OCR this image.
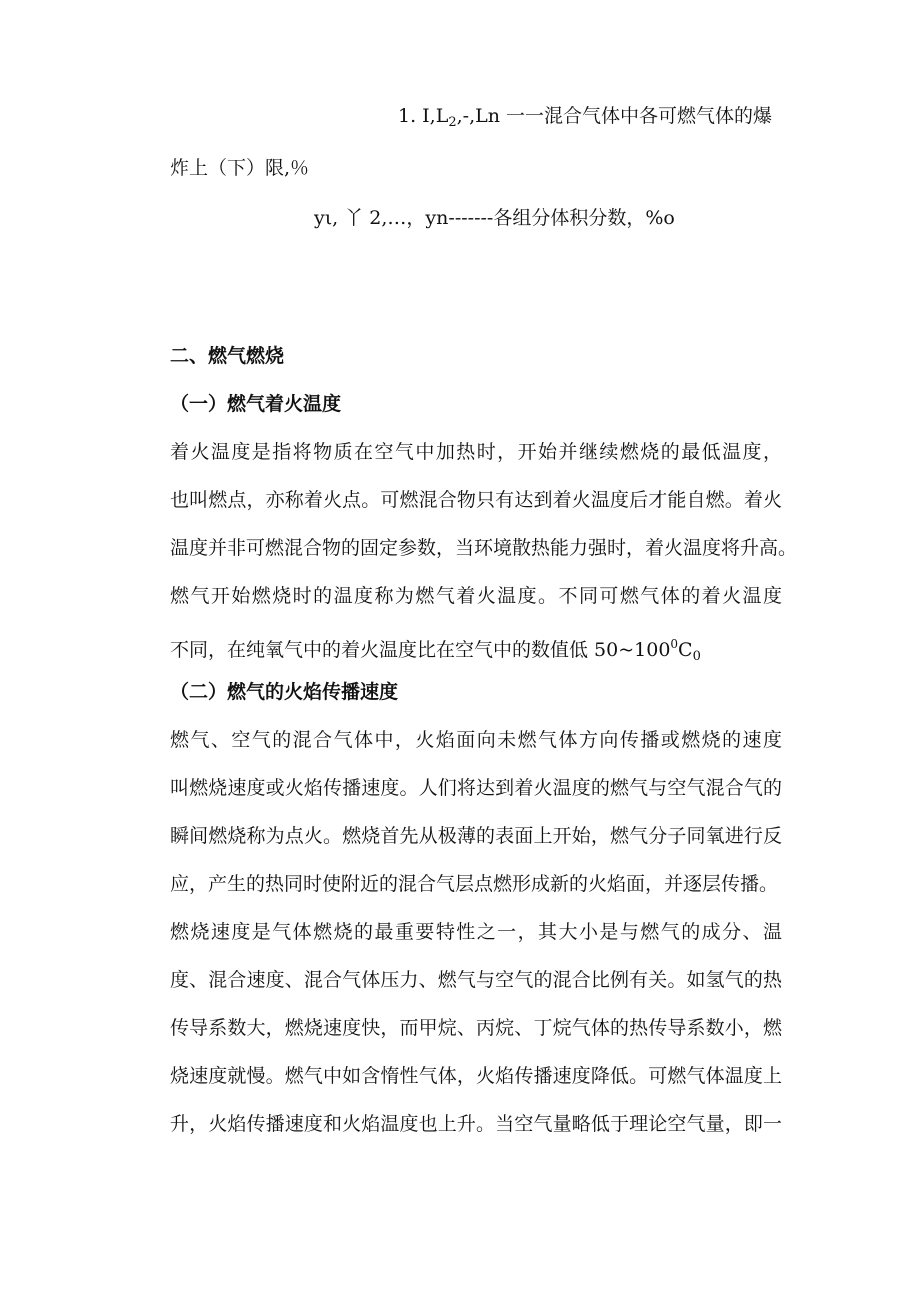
1. $I,L_2,-,Ln$ 一一混合气体中各可燃气体的爆
炸上（下）限,％
yι, 丫 2,…，yn-------各组分体积分数，%o
二、燃气燃烧
（一）燃气着火温度
着火温度是指将物质在空气中加热时，开始并继续燃烧的最低温度，
也叫燃点，亦称着火点。可燃混合物只有达到着火温度后才能自燃。着火
温度并非可燃混合物的固定参数，当环境散热能力强时，着火温度将升高。
燃气开始燃烧时的温度称为燃气着火温度。不同可燃气体的着火温度
不同，在纯氧气中的着火温度比在空气中的数值低 $50\sim 100^0C_0$
（二）燃气的火焰传播速度
燃气、空气的混合气体中，火焰面向未燃气体方向传播或燃烧的速度
叫燃烧速度或火焰传播速度。人们将达到着火温度的燃气与空气混合气的
瞬间燃烧称为点火。燃烧首先从极薄的表面上开始，燃气分子同氧进行反
应，产生的热同时使附近的混合气层点燃形成新的火焰面，并逐层传播。
燃烧速度是气体燃烧的最重要特性之一，其大小是与燃气的成分、温
度、混合速度、混合气体压力、燃气与空气的混合比例有关。如氢气的热
传导系数大，燃烧速度快，而甲烷、丙烷、丁烷气体的热传导系数小，燃
烧速度就慢。燃气中如含惰性气体，火焰传播速度降低。可燃气体温度上
升，火焰传播速度和火焰温度也上升。当空气量略低于理论空气量，即一
